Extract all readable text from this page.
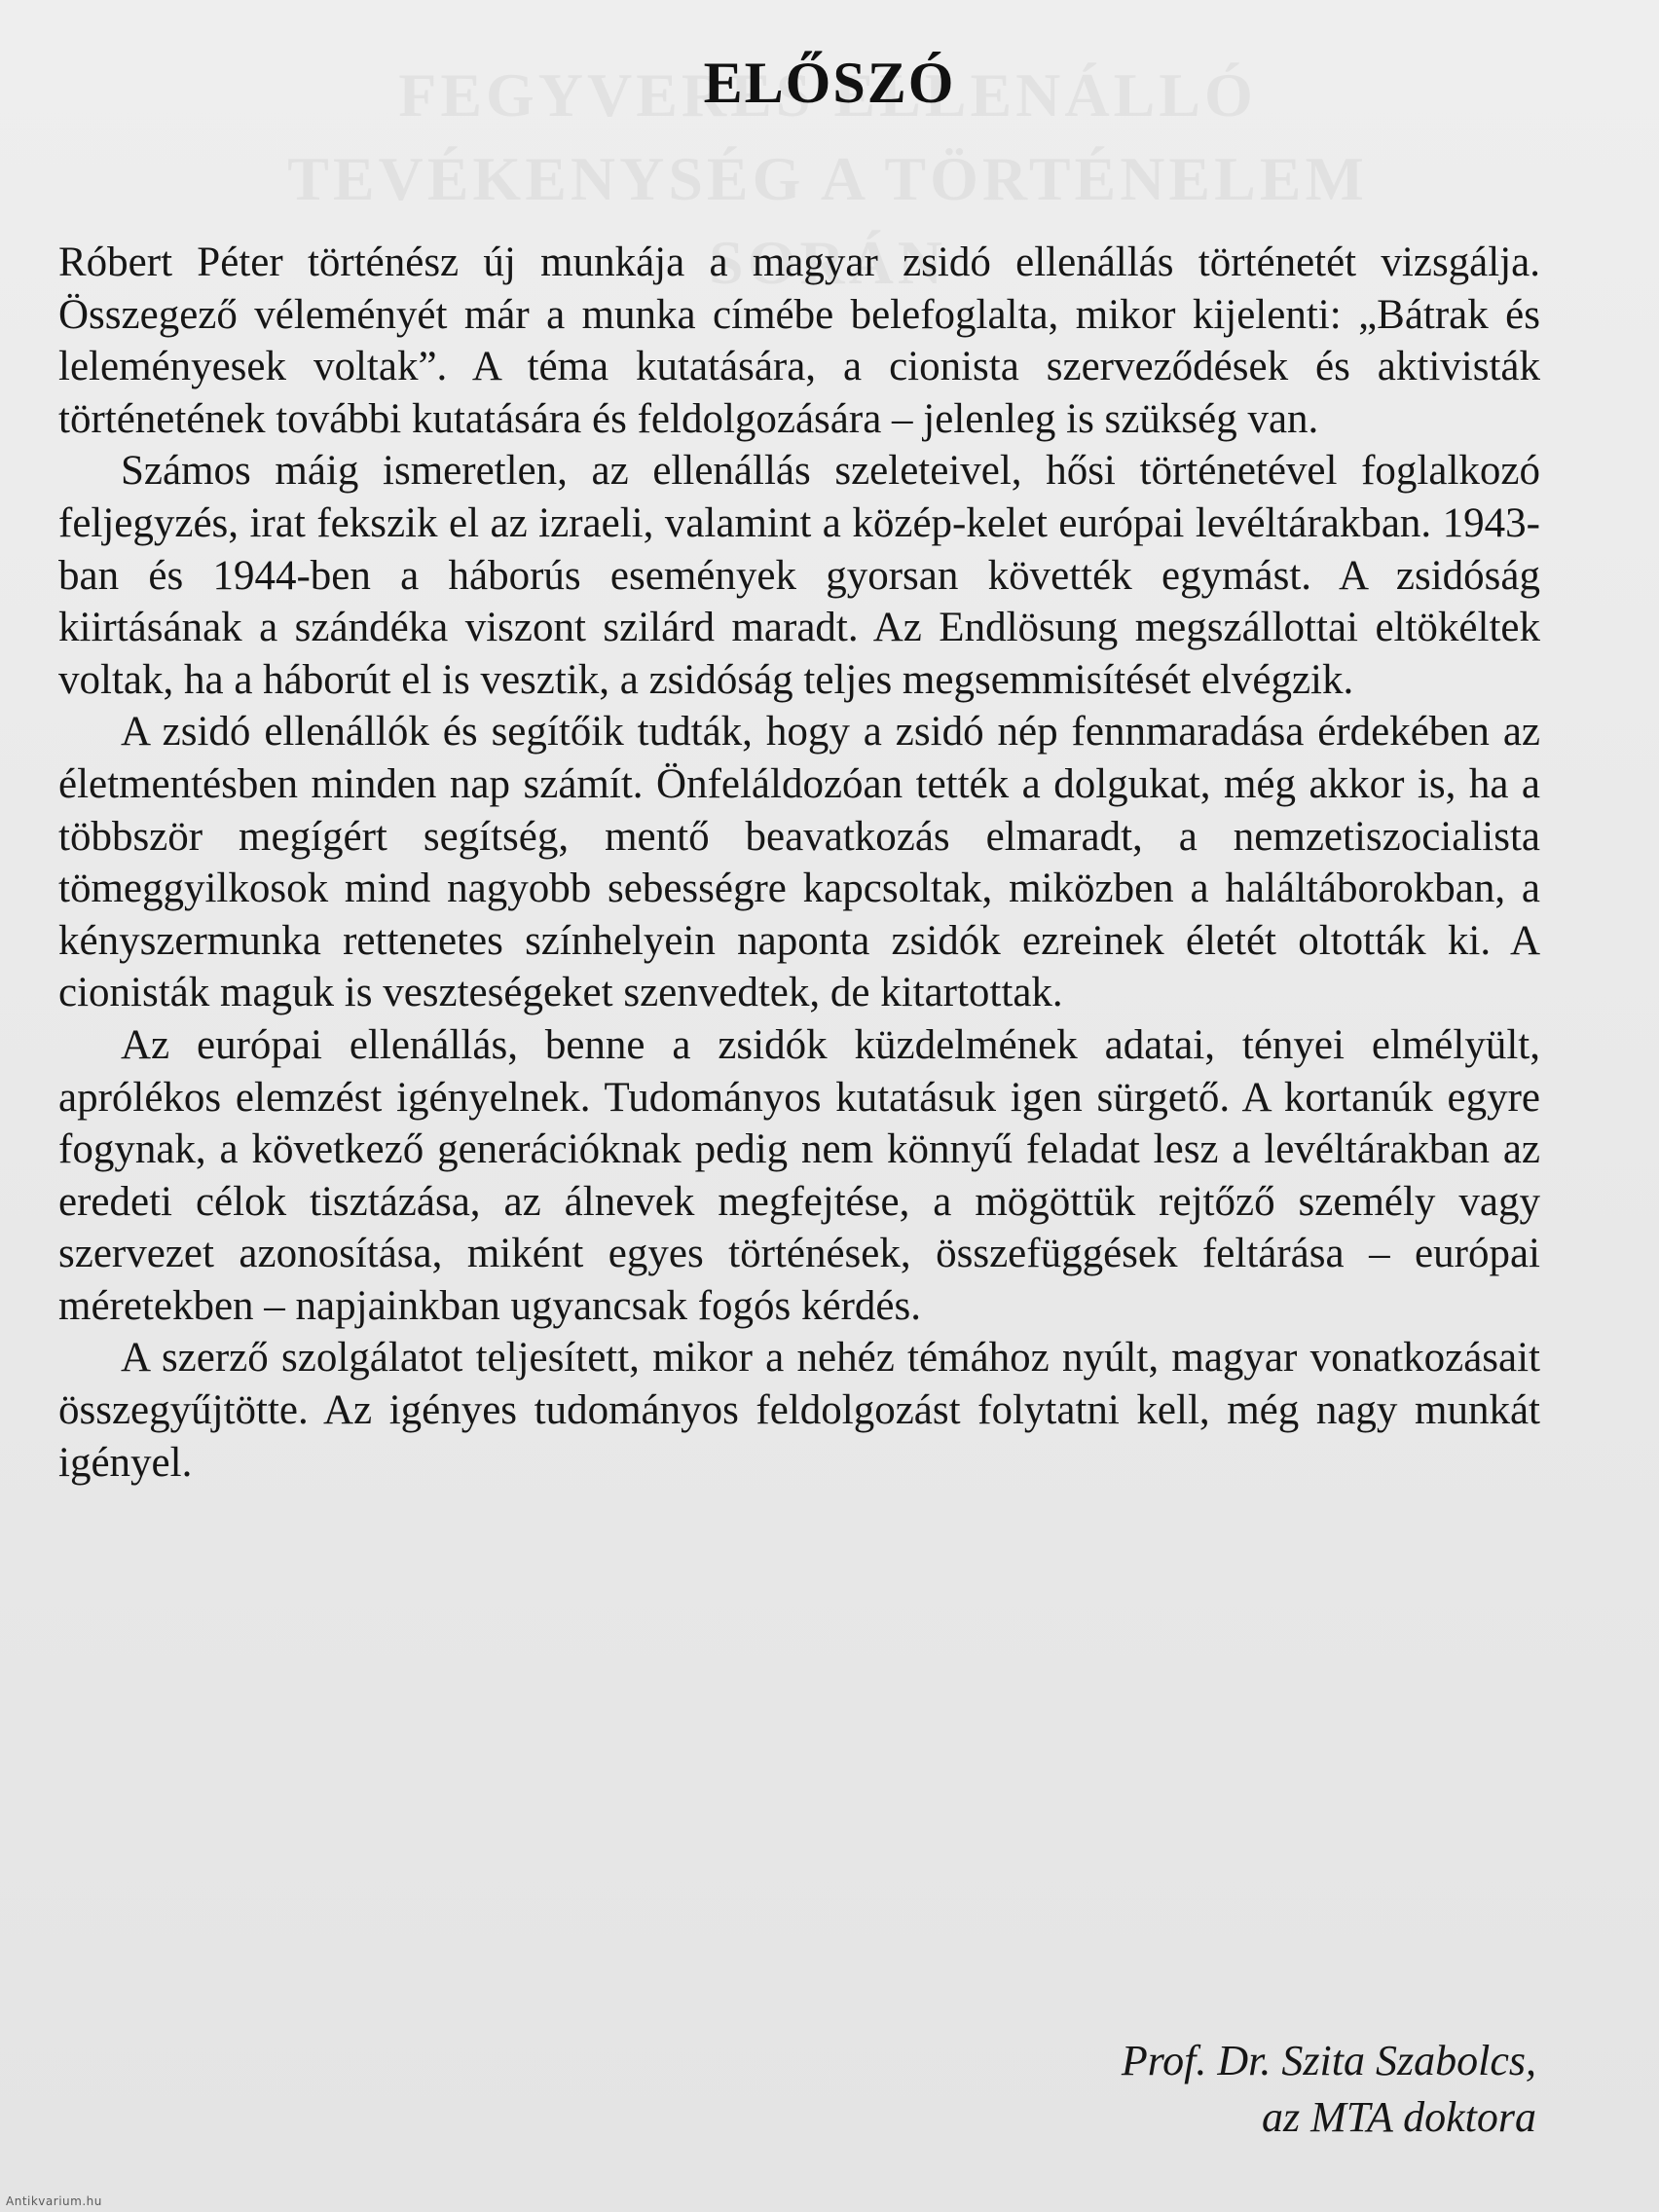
ELŐSZÓ

Róbert Péter történész új munkája a magyar zsidó ellenállás történetét vizsgálja. Összegező véleményét már a munka címébe belefoglalta, mikor kijelenti: „Bátrak és leleményesek voltak”. A téma kutatására, a cionista szerveződések és aktivisták történetének további kutatására és feldolgozására – jelenleg is szükség van.

Számos máig ismeretlen, az ellenállás szeleteivel, hősi történetével foglalkozó feljegyzés, irat fekszik el az izraeli, valamint a közép-kelet európai levéltárakban. 1943-ban és 1944-ben a háborús események gyorsan követték egymást. A zsidóság kiirtásának a szándéka viszont szilárd maradt. Az Endlösung megszállottai eltökéltek voltak, ha a háborút el is vesztik, a zsidóság teljes megsemmisítését elvégzik.

A zsidó ellenállók és segítőik tudták, hogy a zsidó nép fennmaradása érdekében az életmentésben minden nap számít. Önfeláldozóan tették a dolgukat, még akkor is, ha a többször megígért segítség, mentő beavatkozás elmaradt, a nemzetiszocialista tömeggyilkosok mind nagyobb sebességre kapcsoltak, miközben a haláltáborokban, a kényszermunka rettenetes színhelyein naponta zsidók ezreinek életét oltották ki. A cionisták maguk is veszteségeket szenvedtek, de kitartottak.

Az európai ellenállás, benne a zsidók küzdelmének adatai, tényei elmélyült, aprólékos elemzést igényelnek. Tudományos kutatásuk igen sürgető. A kortanúk egyre fogynak, a következő generációknak pedig nem könnyű feladat lesz a levéltárakban az eredeti célok tisztázása, az álnevek megfejtése, a mögöttük rejtőző személy vagy szervezet azonosítása, miként egyes történések, összefüggések feltárása – európai méretekben – napjainkban ugyancsak fogós kérdés.

A szerző szolgálatot teljesített, mikor a nehéz témához nyúlt, magyar vonatkozásait összegyűjtötte. Az igényes tudományos feldolgozást folytatni kell, még nagy munkát igényel.

Prof. Dr. Szita Szabolcs,
az MTA doktora
Antikvarium.hu
